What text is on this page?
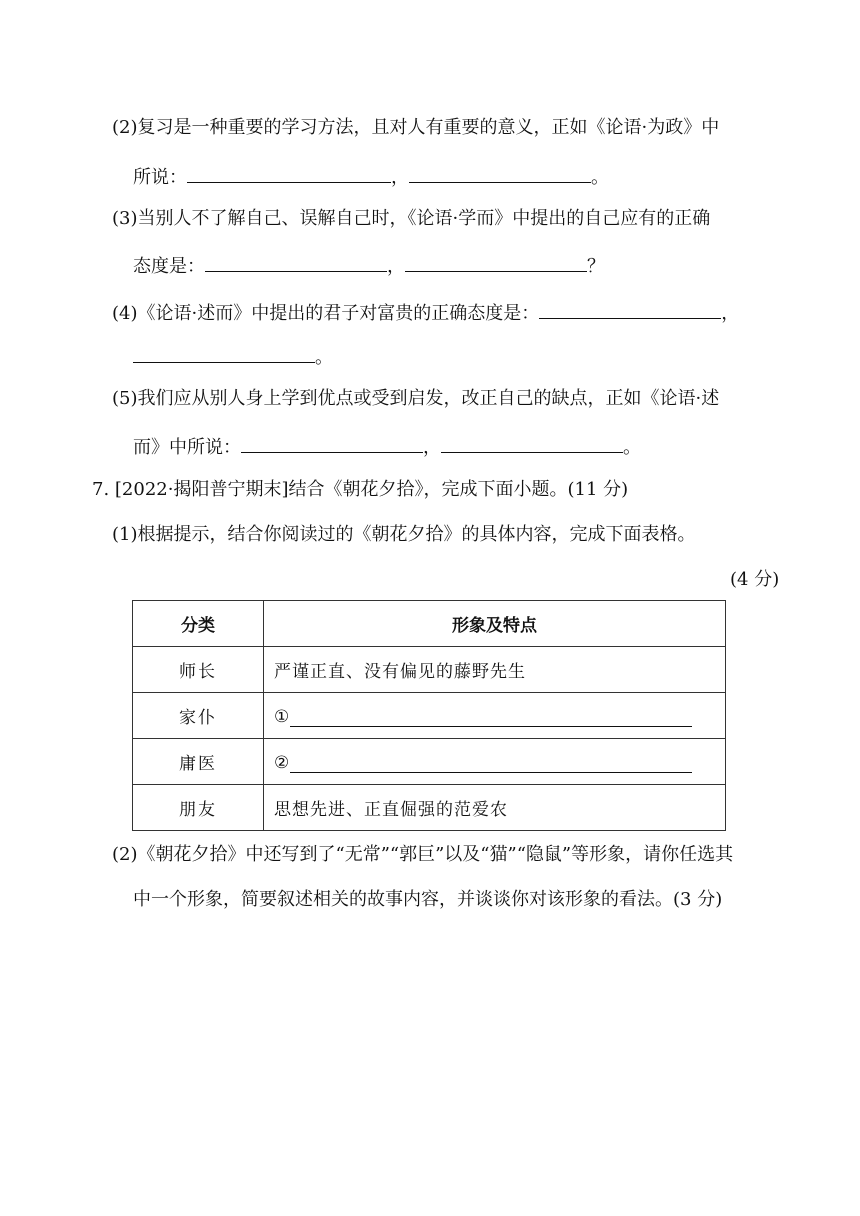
(2)复习是一种重要的学习方法，且对人有重要的意义，正如《论语·为政》中
所说：	，	。
(3)当别人不了解自己、误解自己时，《论语·学而》中提出的自己应有的正确
态度是：	，	？
(4)《论语·述而》中提出的君子对富贵的正确态度是：	，
。
(5)我们应从别人身上学到优点或受到启发，改正自己的缺点，正如《论语·述
而》中所说：	，	。
7. [2022·揭阳普宁期末]结合《朝花夕拾》，完成下面小题。(11 分)
(1)根据提示，结合你阅读过的《朝花夕拾》的具体内容，完成下面表格。
(4 分)
分类	形象及特点
师长	严谨正直、没有偏见的藤野先生
家仆	①
庸医	②
朋友	思想先进、正直倔强的范爱农
(2)《朝花夕拾》中还写到了“无常”“郭巨”以及“猫”“隐鼠”等形象，请你任选其
中一个形象，简要叙述相关的故事内容，并谈谈你对该形象的看法。(3 分)
